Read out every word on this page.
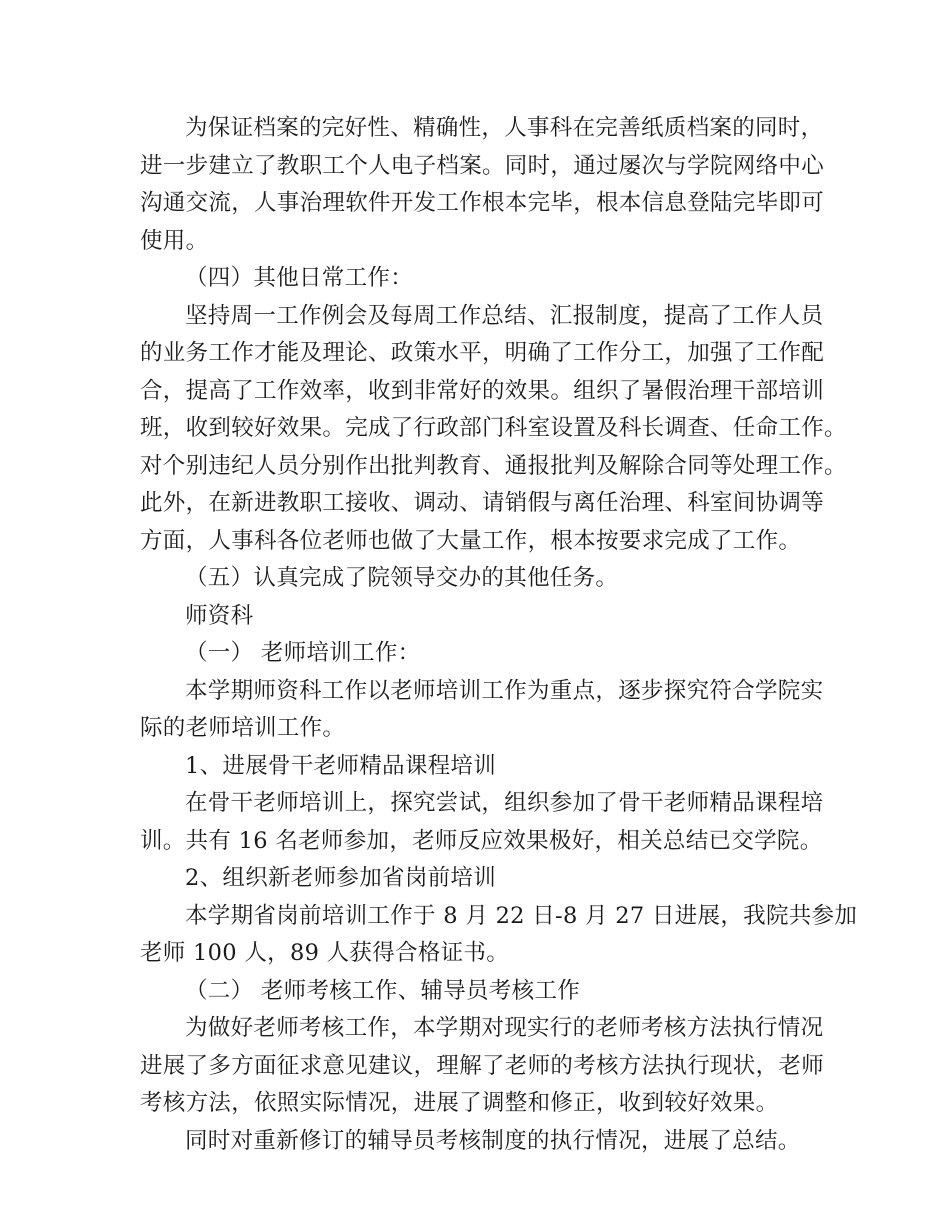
为保证档案的完好性、精确性，人事科在完善纸质档案的同时，
进一步建立了教职工个人电子档案。同时，通过屡次与学院网络中心
沟通交流，人事治理软件开发工作根本完毕，根本信息登陆完毕即可
使用。
（四）其他日常工作：
坚持周一工作例会及每周工作总结、汇报制度，提高了工作人员
的业务工作才能及理论、政策水平，明确了工作分工，加强了工作配
合，提高了工作效率，收到非常好的效果。组织了暑假治理干部培训
班，收到较好效果。完成了行政部门科室设置及科长调查、任命工作。
对个别违纪人员分别作出批判教育、通报批判及解除合同等处理工作。
此外，在新进教职工接收、调动、请销假与离任治理、科室间协调等
方面，人事科各位老师也做了大量工作，根本按要求完成了工作。
（五）认真完成了院领导交办的其他任务。
师资科
（一） 老师培训工作：
本学期师资科工作以老师培训工作为重点，逐步探究符合学院实
际的老师培训工作。
1、进展骨干老师精品课程培训
在骨干老师培训上，探究尝试，组织参加了骨干老师精品课程培
训。共有 16 名老师参加，老师反应效果极好，相关总结已交学院。
2、组织新老师参加省岗前培训
本学期省岗前培训工作于 8 月 22 日-8 月 27 日进展，我院共参加
老师 100 人，89 人获得合格证书。
（二） 老师考核工作、辅导员考核工作
为做好老师考核工作，本学期对现实行的老师考核方法执行情况
进展了多方面征求意见建议，理解了老师的考核方法执行现状，老师
考核方法，依照实际情况，进展了调整和修正，收到较好效果。
同时对重新修订的辅导员考核制度的执行情况，进展了总结。
